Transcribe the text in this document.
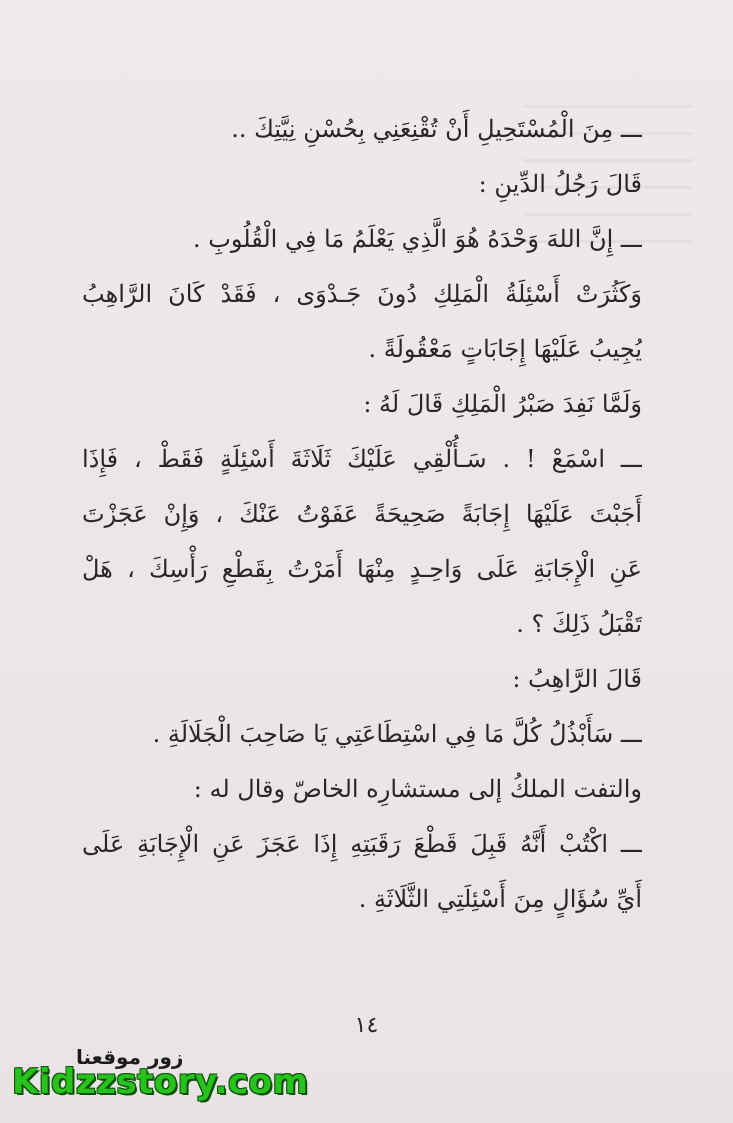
ـــ مِنَ الْمُسْتَحِيلِ أَنْ تُقْنِعَنِي بِحُسْنِ نِيَّتِكَ ..
قَالَ رَجُلُ الدِّينِ :
ـــ إِنَّ اللهَ وَحْدَهُ هُوَ الَّذِي يَعْلَمُ مَا فِي الْقُلُوبِ .
وَكَثُرَتْ أَسْئِلَةُ الْمَلِكِ دُونَ جَـدْوَى ، فَقَدْ كَانَ الرَّاهِبُ
يُجِيبُ عَلَيْهَا إِجَابَاتٍ مَعْقُولَةً .
وَلَمَّا نَفِدَ صَبْرُ الْمَلِكِ قَالَ لَهُ :
ـــ اسْمَعْ ! . سَـأُلْقِي عَلَيْكَ ثَلَاثَةَ أَسْئِلَةٍ فَقَطْ ، فَإِذَا
أَجَبْتَ عَلَيْهَا إِجَابَةً صَحِيحَةً عَفَوْتُ عَنْكَ ، وَإِنْ عَجَزْتَ
عَنِ الْإِجَابَةِ عَلَى وَاحِـدٍ مِنْهَا أَمَرْتُ بِقَطْعِ رَأْسِكَ ، هَلْ
تَقْبَلُ ذَلِكَ ؟ .
قَالَ الرَّاهِبُ :
ـــ سَأَبْذُلُ كُلَّ مَا فِي اسْتِطَاعَتِي يَا صَاحِبَ الْجَلَالَةِ .
والتفت الملكُ إلى مستشارِه الخاصّ وقال له :
ـــ اكْتُبْ أَنَّهُ قَبِلَ قَطْعَ رَقَبَتِهِ إِذَا عَجَزَ عَنِ الْإِجَابَةِ عَلَى
أَيِّ سُؤَالٍ مِنَ أَسْئِلَتِي الثَّلَاثَةِ .
١٤
زور موقعنا
Kidzzstory.com
